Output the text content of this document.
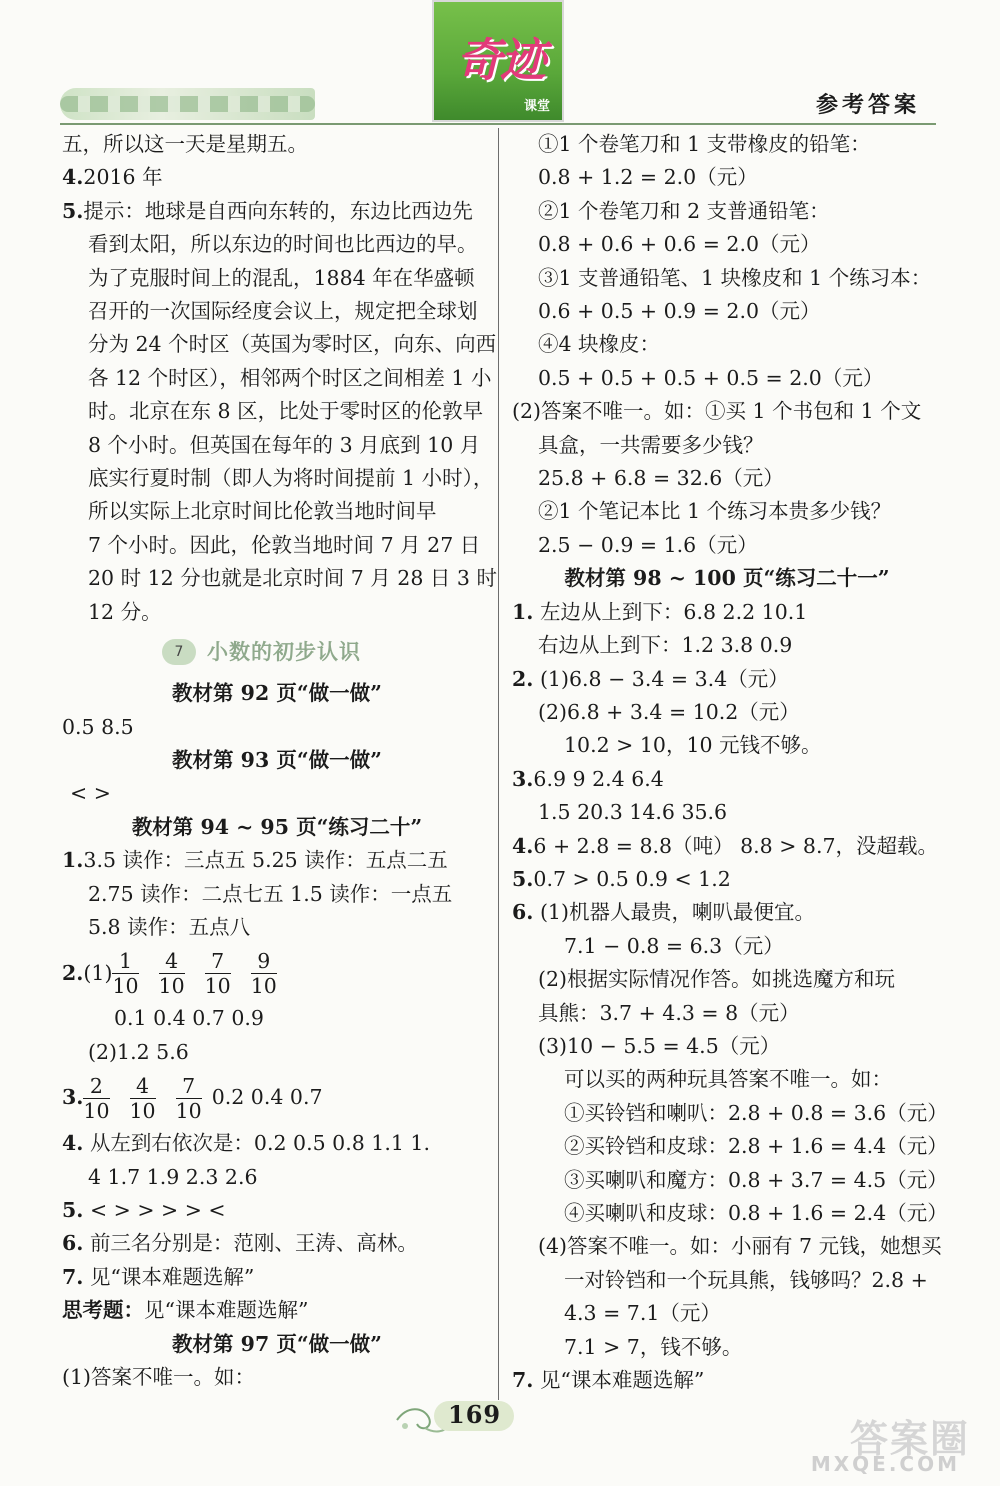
奇迹
课堂	参考答案
五，所以这一天是星期五。
4.2016 年
5.提示：地球是自西向东转的，东边比西边先
看到太阳，所以东边的时间也比西边的早。
为了克服时间上的混乱，1884 年在华盛顿
召开的一次国际经度会议上，规定把全球划
分为 24 个时区（英国为零时区，向东、向西
各 12 个时区），相邻两个时区之间相差 1 小
时。北京在东 8 区，比处于零时区的伦敦早
8 个小时。但英国在每年的 3 月底到 10 月
底实行夏时制（即人为将时间提前 1 小时），
所以实际上北京时间比伦敦当地时间早
7 个小时。因此，伦敦当地时间 7 月 27 日
20 时 12 分也就是北京时间 7 月 28 日 3 时
12 分。
7	小数的初步认识
教材第 92 页“做一做”
0.5 8.5
教材第 93 页“做一做”
< >
教材第 94 ~ 95 页“练习二十”
1.3.5 读作：三点五 5.25 读作：五点二五
2.75 读作：二点七五 1.5 读作：一点五
5.8 读作：五点八
2. $(1) \frac{1}{10} \frac{4}{10} \frac{7}{10} \frac{9}{10}$
0.1 0.4 0.7 0.9
(2)1.2 5.6
3. $\frac{2}{10} \frac{4}{10} \frac{7}{10} 0.2$ 0.4 0.7
4. 从左到右依次是：0.2 0.5 0.8 1.1 1.
4 1.7 1.9 2.3 2.6
5. < > > > > <
6. 前三名分别是：范刚、王涛、高林。
7. 见“课本难题选解”
思考题：见“课本难题选解”
教材第 97 页“做一做”
(1)答案不唯一。如：
①1 个卷笔刀和 1 支带橡皮的铅笔：
0.8 + 1.2 = 2.0（元）
②1 个卷笔刀和 2 支普通铅笔：
0.8 + 0.6 + 0.6 = 2.0（元）
③1 支普通铅笔、1 块橡皮和 1 个练习本：
0.6 + 0.5 + 0.9 = 2.0（元）
④4 块橡皮：
0.5 + 0.5 + 0.5 + 0.5 = 2.0（元）
(2)答案不唯一。如：①买 1 个书包和 1 个文
具盒，一共需要多少钱？
25.8 + 6.8 = 32.6（元）
②1 个笔记本比 1 个练习本贵多少钱？
2.5 − 0.9 = 1.6（元）
教材第 98 ~ 100 页“练习二十一”
1. 左边从上到下：6.8 2.2 10.1
右边从上到下：1.2 3.8 0.9
2. (1)6.8 − 3.4 = 3.4（元）
(2)6.8 + 3.4 = 10.2（元）
10.2 > 10，10 元钱不够。
3.6.9 9 2.4 6.4
1.5 20.3 14.6 35.6
4.6 + 2.8 = 8.8（吨） 8.8 > 8.7，没超载。
5.0.7 > 0.5 0.9 < 1.2
6. (1)机器人最贵，喇叭最便宜。
7.1 − 0.8 = 6.3（元）
(2)根据实际情况作答。如挑选魔方和玩
具熊：3.7 + 4.3 = 8（元）
(3)10 − 5.5 = 4.5（元）
可以买的两种玩具答案不唯一。如：
①买铃铛和喇叭：2.8 + 0.8 = 3.6（元）
②买铃铛和皮球：2.8 + 1.6 = 4.4（元）
③买喇叭和魔方：0.8 + 3.7 = 4.5（元）
④买喇叭和皮球：0.8 + 1.6 = 2.4（元）
(4)答案不唯一。如：小丽有 7 元钱，她想买
一对铃铛和一个玩具熊，钱够吗？2.8 +
4.3 = 7.1（元）
7.1 > 7，钱不够。
7. 见“课本难题选解”
169
答案圈
MXQE.COM
